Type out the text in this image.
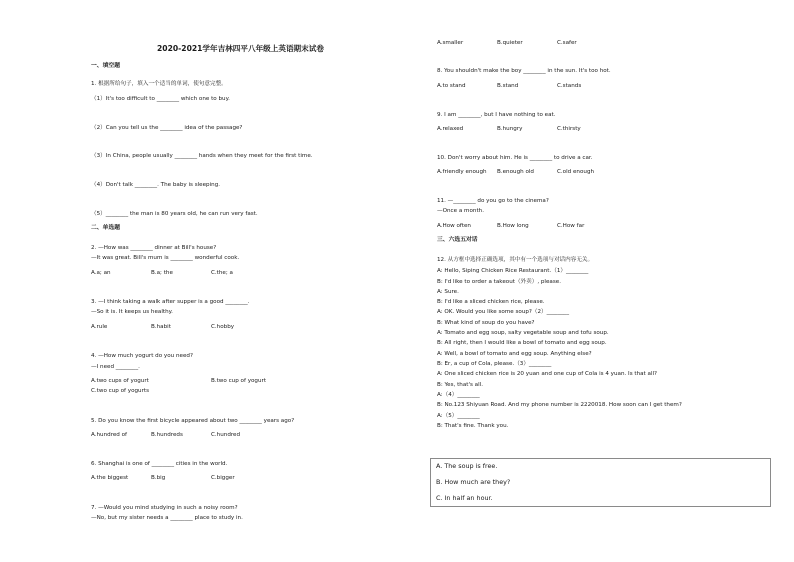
2020-2021学年吉林四平八年级上英语期末试卷
一、填空题
1. 根据所给句子，填入一个适当的单词，使句意完整。
（1）It's too difficult to ________ which one to buy.
（2）Can you tell us the ________ idea of the passage?
（3）In China, people usually ________ hands when they meet for the first time.
（4）Don't talk ________. The baby is sleeping.
（5）________ the man is 80 years old, he can run very fast.
二、单选题
2. —How was ________ dinner at Bill's house?
—It was great. Bill's mum is ________ wonderful cook.
A.a; an	B.a; the	C.the; a
3. —I think taking a walk after supper is a good ________.
—So it is. It keeps us healthy.
A.rule	B.habit	C.hobby
4. —How much yogurt do you need?
—I need ________.
A.two cups of yogurt	B.two cup of yogurt
C.two cup of yogurts
5. Do you know the first bicycle appeared about two ________ years ago?
A.hundred of	B.hundreds	C.hundred
6. Shanghai is one of ________ cities in the world.
A.the biggest	B.big	C.bigger
7. —Would you mind studying in such a noisy room?
—No, but my sister needs a ________ place to study in.
A.smaller	B.quieter	C.safer
8. You shouldn't make the boy ________ in the sun. It's too hot.
A.to stand	B.stand	C.stands
9. I am ________, but I have nothing to eat.
A.relaxed	B.hungry	C.thirsty
10. Don't worry about him. He is ________ to drive a car.
A.friendly enough B.enough old	C.old enough
11. —________ do you go to the cinema?
—Once a month.
A.How often	B.How long	C.How far
三、六选五对话
12. 从方框中选择正确选项，其中有一个选项与对话内容无关。
A: Hello, Siping Chicken Rice Restaurant.（1）________
B: I'd like to order a takeout（外卖）, please.
A: Sure.
B: I'd like a sliced chicken rice, please.
A: OK. Would you like some soup?（2）________
B: What kind of soup do you have?
A: Tomato and egg soup, salty vegetable soup and tofu soup.
B: All right, then I would like a bowl of tomato and egg soup.
A: Well, a bowl of tomato and egg soup. Anything else?
B: Er, a cup of Cola, please.（3）________
A: One sliced chicken rice is 20 yuan and one cup of Cola is 4 yuan. Is that all?
B: Yes, that's all.
A:（4）________
B: No.123 Shiyuan Road. And my phone number is 2220018. How soon can I get them?
A:（5）________
B: That's fine. Thank you.
A. The soup is free.
B. How much are they?
C. In half an hour.
